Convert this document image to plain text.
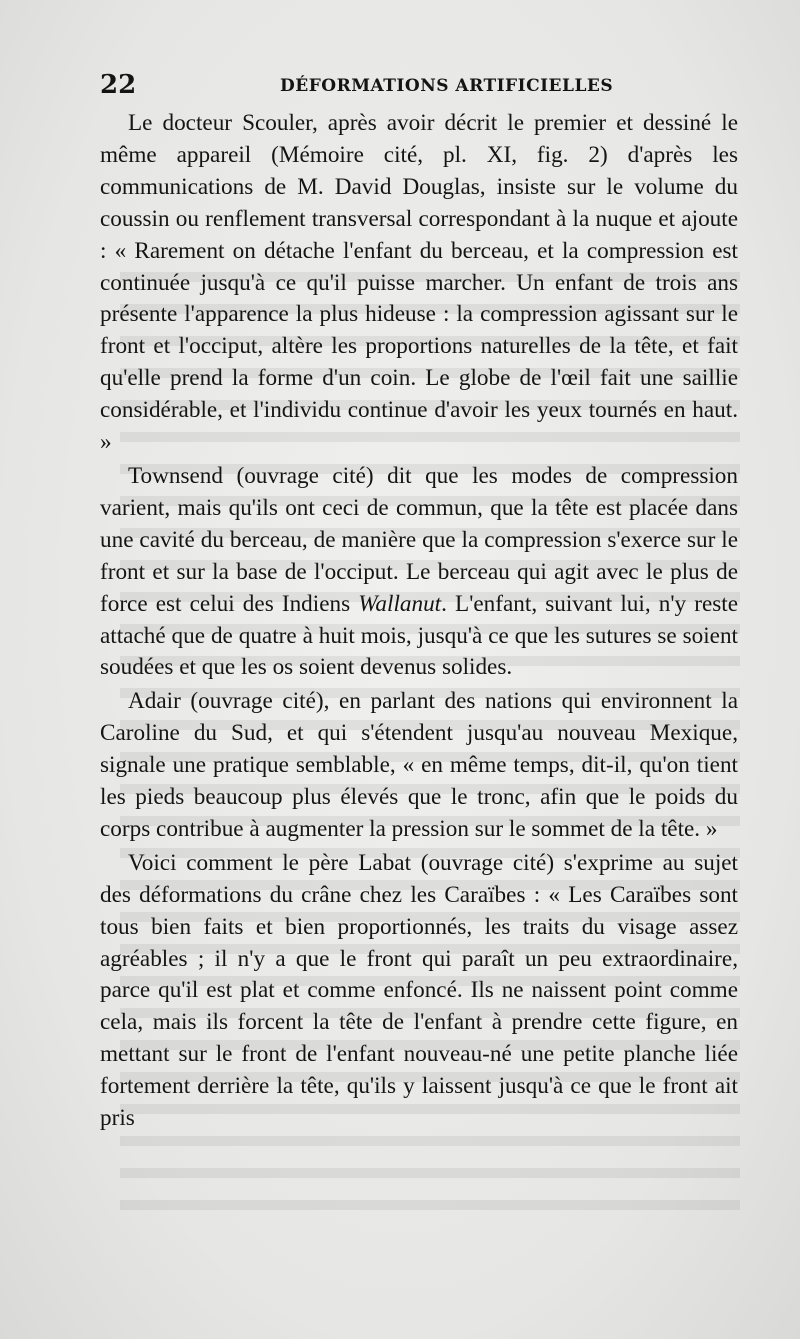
22	DÉFORMATIONS ARTIFICIELLES

Le docteur Scouler, après avoir décrit le premier et dessiné le même appareil (Mémoire cité, pl. XI, fig. 2) d'après les communications de M. David Douglas, insiste sur le volume du coussin ou renflement transversal correspondant à la nuque et ajoute : « Rarement on détache l'enfant du berceau, et la compression est continuée jusqu'à ce qu'il puisse marcher. Un enfant de trois ans présente l'apparence la plus hideuse : la compression agissant sur le front et l'occiput, altère les proportions naturelles de la tête, et fait qu'elle prend la forme d'un coin. Le globe de l'œil fait une saillie considérable, et l'individu continue d'avoir les yeux tournés en haut. »

Townsend (ouvrage cité) dit que les modes de compression varient, mais qu'ils ont ceci de commun, que la tête est placée dans une cavité du berceau, de manière que la compression s'exerce sur le front et sur la base de l'occiput. Le berceau qui agit avec le plus de force est celui des Indiens Wallanut. L'enfant, suivant lui, n'y reste attaché que de quatre à huit mois, jusqu'à ce que les sutures se soient soudées et que les os soient devenus solides.

Adair (ouvrage cité), en parlant des nations qui environnent la Caroline du Sud, et qui s'étendent jusqu'au nouveau Mexique, signale une pratique semblable, « en même temps, dit-il, qu'on tient les pieds beaucoup plus élevés que le tronc, afin que le poids du corps contribue à augmenter la pression sur le sommet de la tête. »

Voici comment le père Labat (ouvrage cité) s'exprime au sujet des déformations du crâne chez les Caraïbes : « Les Caraïbes sont tous bien faits et bien proportionnés, les traits du visage assez agréables ; il n'y a que le front qui paraît un peu extraordinaire, parce qu'il est plat et comme enfoncé. Ils ne naissent point comme cela, mais ils forcent la tête de l'enfant à prendre cette figure, en mettant sur le front de l'enfant nouveau-né une petite planche liée fortement derrière la tête, qu'ils y laissent jusqu'à ce que le front ait pris
